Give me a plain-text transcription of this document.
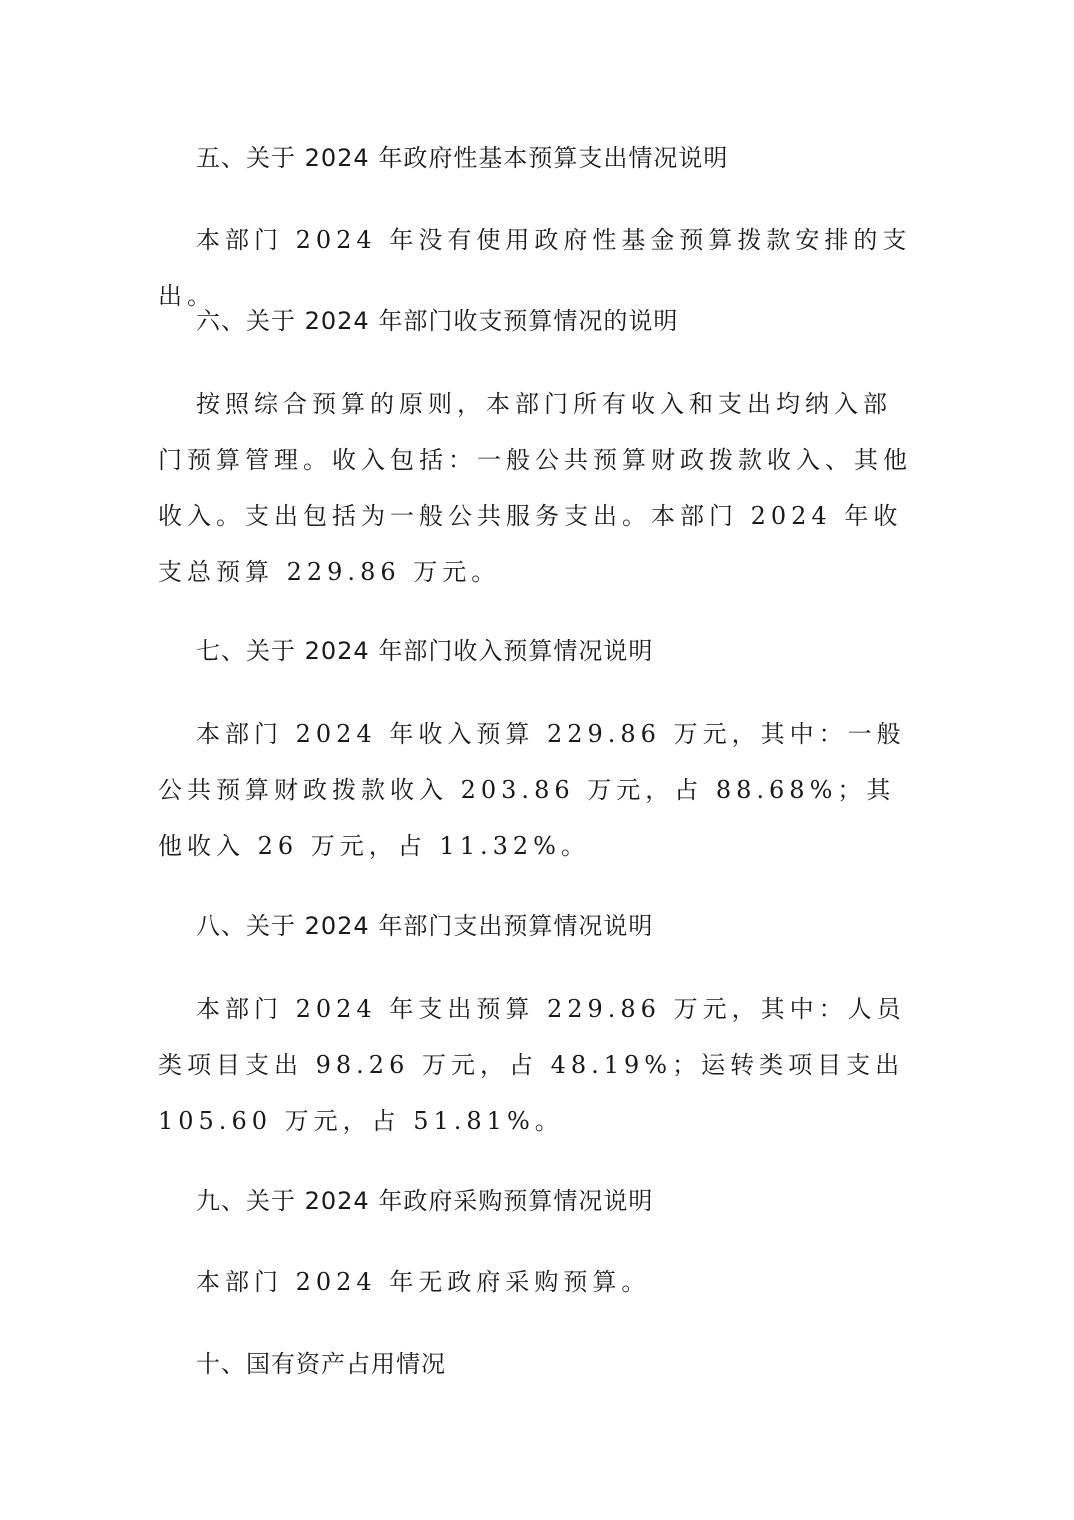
五、关于 2024 年政府性基本预算支出情况说明

本部门 2024 年没有使用政府性基金预算拨款安排的支出。

六、关于 2024 年部门收支预算情况的说明

按照综合预算的原则，本部门所有收入和支出均纳入部门预算管理。收入包括：一般公共预算财政拨款收入、其他收入。支出包括为一般公共服务支出。本部门 2024 年收支总预算 229.86 万元。

七、关于 2024 年部门收入预算情况说明

本部门 2024 年收入预算 229.86 万元，其中：一般公共预算财政拨款收入 203.86 万元，占 88.68%；其他收入 26 万元，占 11.32%。

八、关于 2024 年部门支出预算情况说明

本部门 2024 年支出预算 229.86 万元，其中：人员类项目支出 98.26 万元，占 48.19%；运转类项目支出 105.60 万元，占 51.81%。

九、关于 2024 年政府采购预算情况说明

本部门 2024 年无政府采购预算。

十、国有资产占用情况
